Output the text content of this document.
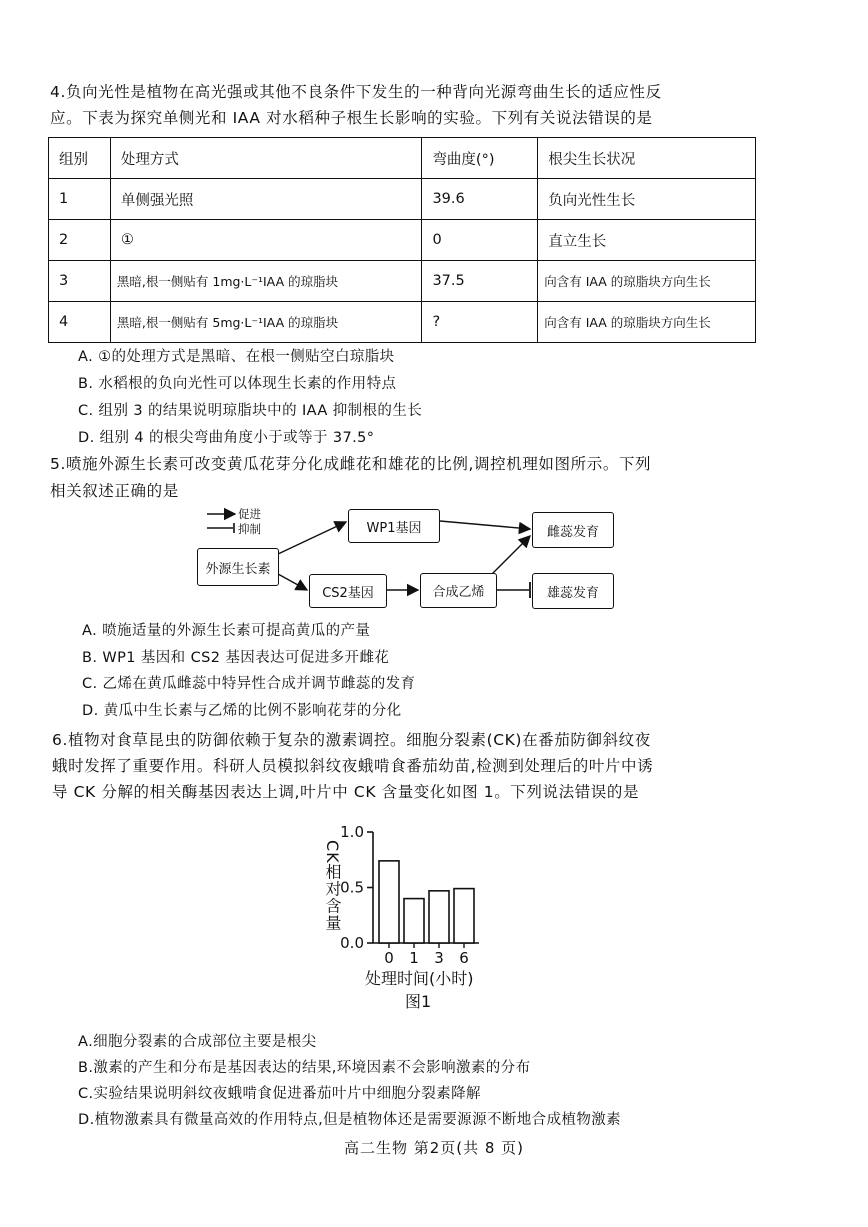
4.负向光性是植物在高光强或其他不良条件下发生的一种背向光源弯曲生长的适应性反
应。下表为探究单侧光和 IAA 对水稻种子根生长影响的实验。下列有关说法错误的是
组别	处理方式	弯曲度(°)	根尖生长状况
1	单侧强光照	39.6	负向光性生长
2	①	0	直立生长
3	黑暗,根一侧贴有 1mg·L⁻¹IAA 的琼脂块	37.5	向含有 IAA 的琼脂块方向生长
4	黑暗,根一侧贴有 5mg·L⁻¹IAA 的琼脂块	?	向含有 IAA 的琼脂块方向生长
A. ①的处理方式是黑暗、在根一侧贴空白琼脂块
B. 水稻根的负向光性可以体现生长素的作用特点
C. 组别 3 的结果说明琼脂块中的 IAA 抑制根的生长
D. 组别 4 的根尖弯曲角度小于或等于 37.5°
5.喷施外源生长素可改变黄瓜花芽分化成雌花和雄花的比例,调控机理如图所示。下列
相关叙述正确的是
促进
抑制
外源生长素
WP1基因
CS2基因	合成乙烯
雌蕊发育
雄蕊发育
A. 喷施适量的外源生长素可提高黄瓜的产量
B. WP1 基因和 CS2 基因表达可促进多开雌花
C. 乙烯在黄瓜雌蕊中特异性合成并调节雌蕊的发育
D. 黄瓜中生长素与乙烯的比例不影响花芽的分化
6.植物对食草昆虫的防御依赖于复杂的激素调控。细胞分裂素(CK)在番茄防御斜纹夜
蛾时发挥了重要作用。科研人员模拟斜纹夜蛾啃食番茄幼苗,检测到处理后的叶片中诱
导 CK 分解的相关酶基因表达上调,叶片中 CK 含量变化如图 1。下列说法错误的是
0.0
0.5
1.0
0 1 3 6
CK相对含量
处理时间(小时)
图1
A.细胞分裂素的合成部位主要是根尖
B.激素的产生和分布是基因表达的结果,环境因素不会影响激素的分布
C.实验结果说明斜纹夜蛾啃食促进番茄叶片中细胞分裂素降解
D.植物激素具有微量高效的作用特点,但是植物体还是需要源源不断地合成植物激素
高二生物 第2页(共 8 页)
